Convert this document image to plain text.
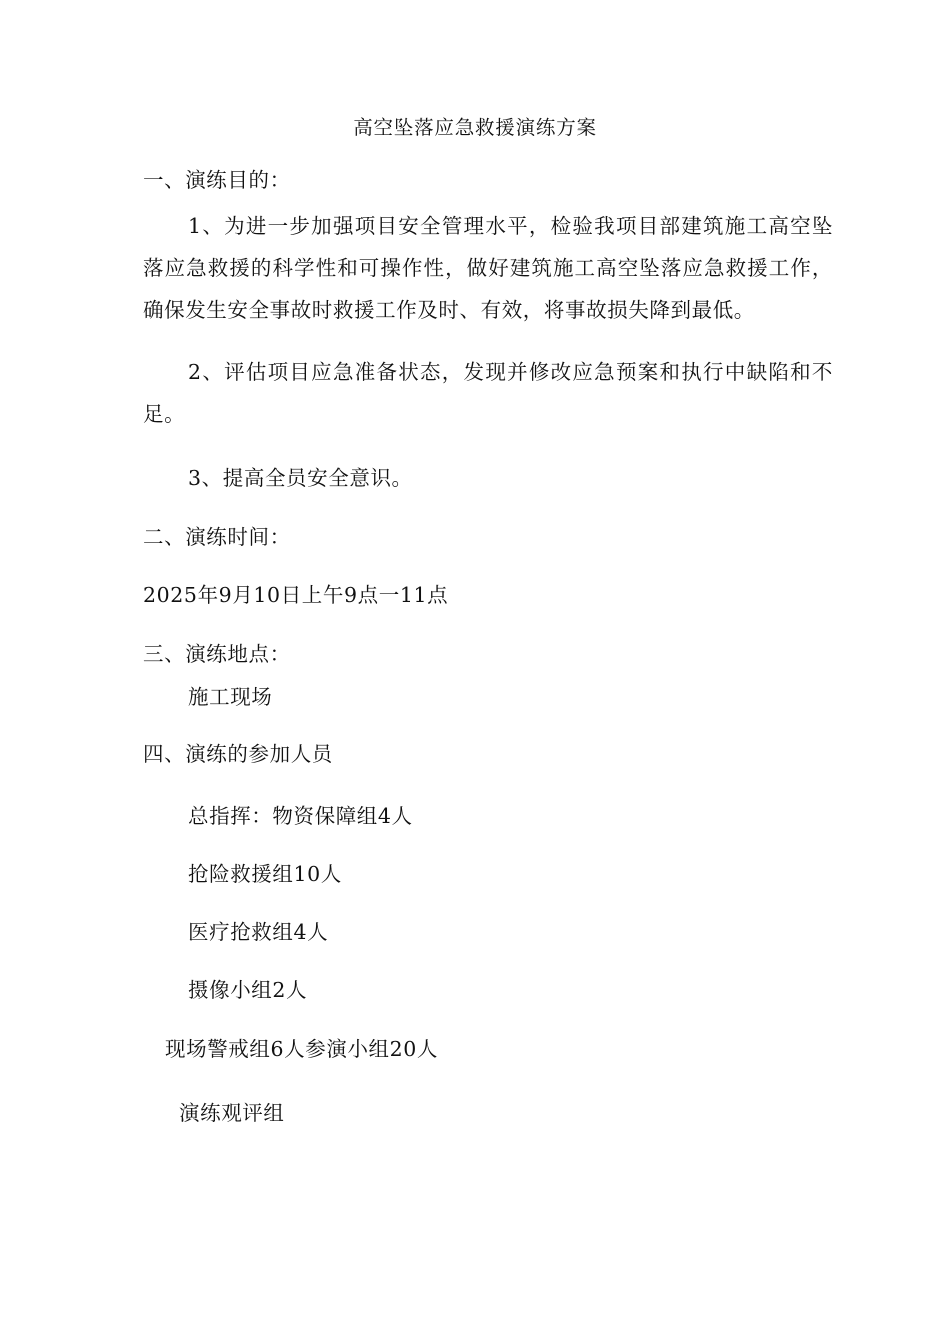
高空坠落应急救援演练方案
一、演练目的：
1、为进一步加强项目安全管理水平，检验我项目部建筑施工高空坠落应急救援的科学性和可操作性，做好建筑施工高空坠落应急救援工作，确保发生安全事故时救援工作及时、有效，将事故损失降到最低。
2、评估项目应急准备状态，发现并修改应急预案和执行中缺陷和不足。
3、提高全员安全意识。
二、演练时间：
2025年9月10日上午9点一11点
三、演练地点：
施工现场
四、演练的参加人员
总指挥：物资保障组4人
抢险救援组10人
医疗抢救组4人
摄像小组2人
现场警戒组6人参演小组20人
演练观评组
